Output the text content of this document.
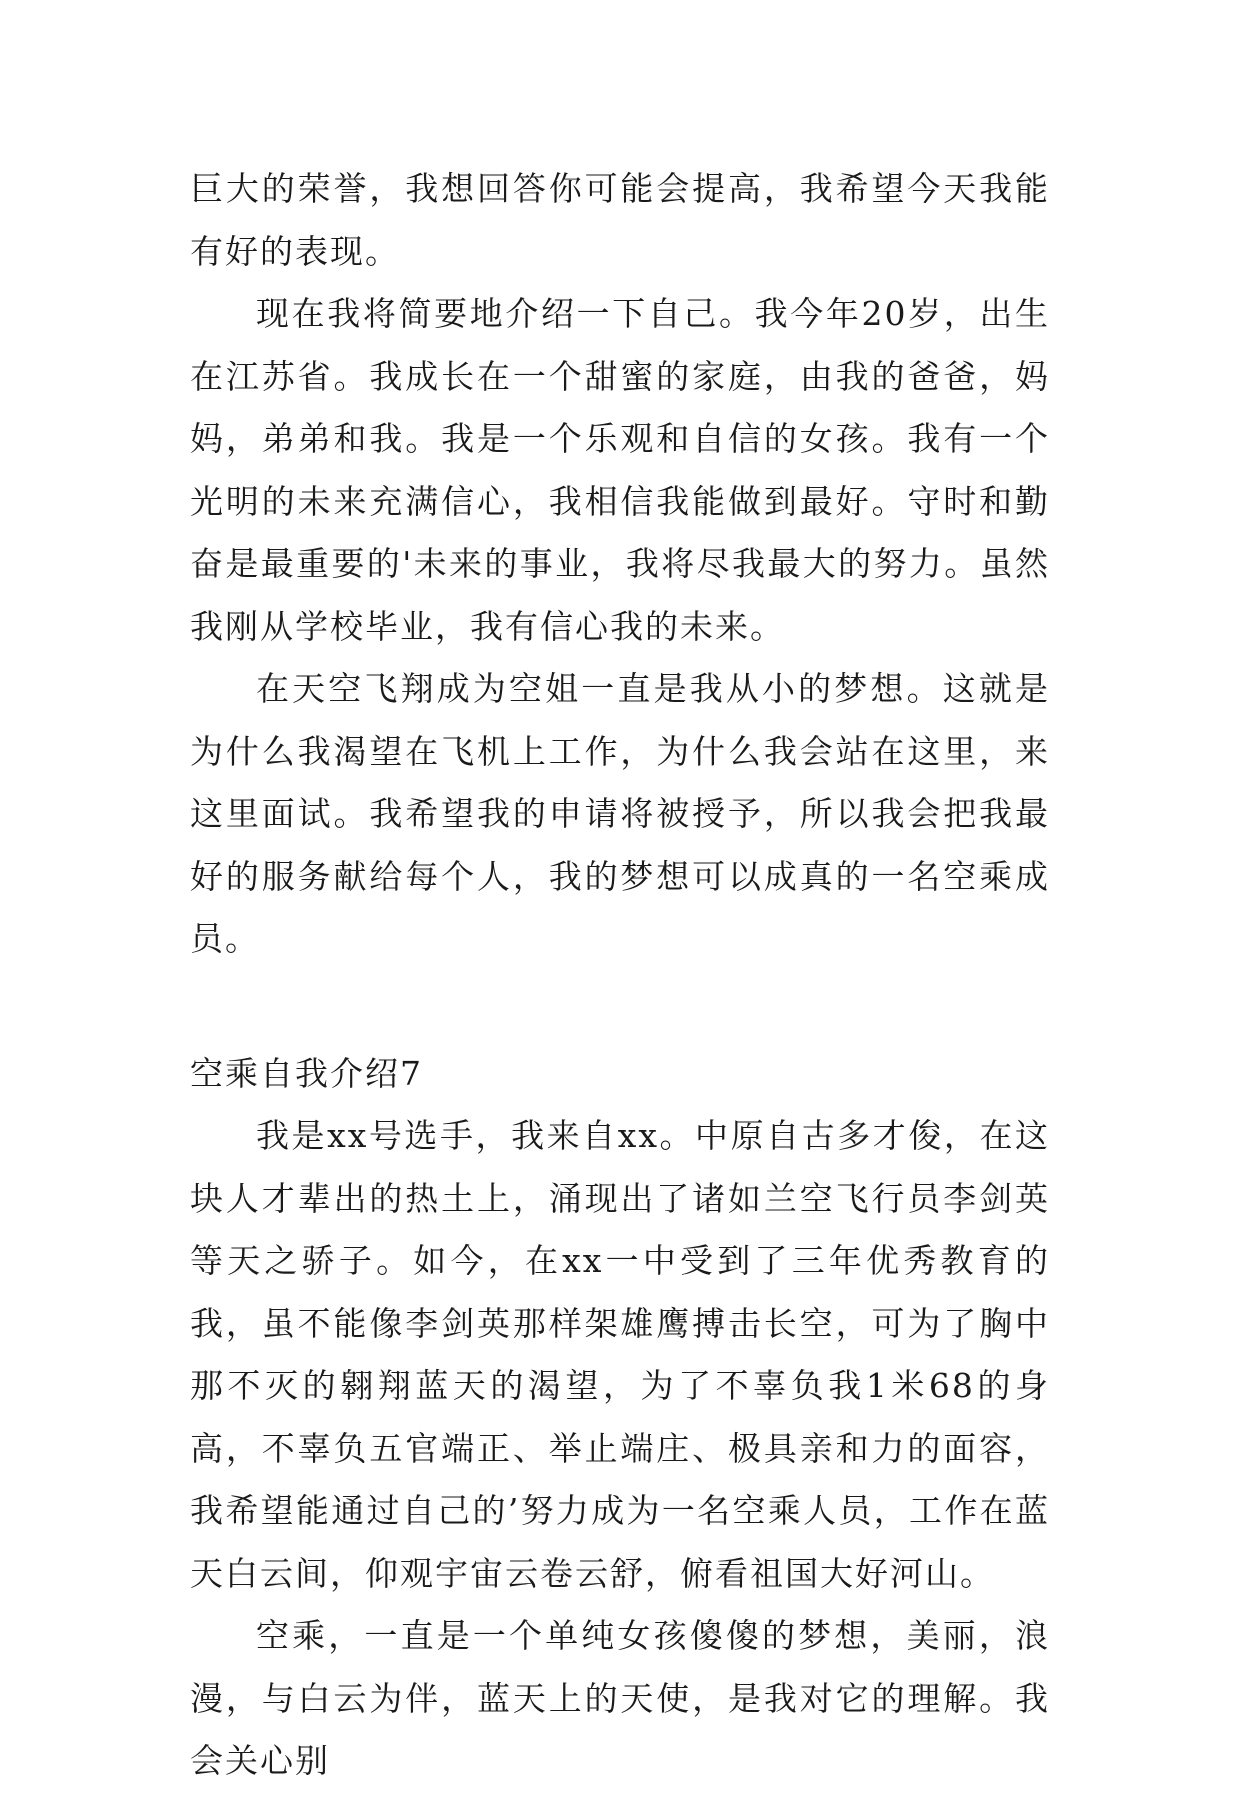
巨大的荣誉，我想回答你可能会提高，我希望今天我能有好的表现。

现在我将简要地介绍一下自己。我今年20岁，出生在江苏省。我成长在一个甜蜜的家庭，由我的爸爸，妈妈，弟弟和我。我是一个乐观和自信的女孩。我有一个光明的未来充满信心，我相信我能做到最好。守时和勤奋是最重要的'未来的事业，我将尽我最大的努力。虽然我刚从学校毕业，我有信心我的未来。

在天空飞翔成为空姐一直是我从小的梦想。这就是为什么我渴望在飞机上工作，为什么我会站在这里，来这里面试。我希望我的申请将被授予，所以我会把我最好的服务献给每个人，我的梦想可以成真的一名空乘成员。

空乘自我介绍7

我是xx号选手，我来自xx。中原自古多才俊，在这块人才辈出的热土上，涌现出了诸如兰空飞行员李剑英等天之骄子。如今，在xx一中受到了三年优秀教育的我，虽不能像李剑英那样架雄鹰搏击长空，可为了胸中那不灭的翱翔蓝天的渴望，为了不辜负我1米68的身高，不辜负五官端正、举止端庄、极具亲和力的面容，我希望能通过自己的’努力成为一名空乘人员，工作在蓝天白云间，仰观宇宙云卷云舒，俯看祖国大好河山。

空乘，一直是一个单纯女孩傻傻的梦想，美丽，浪漫，与白云为伴，蓝天上的天使，是我对它的理解。我会关心别
